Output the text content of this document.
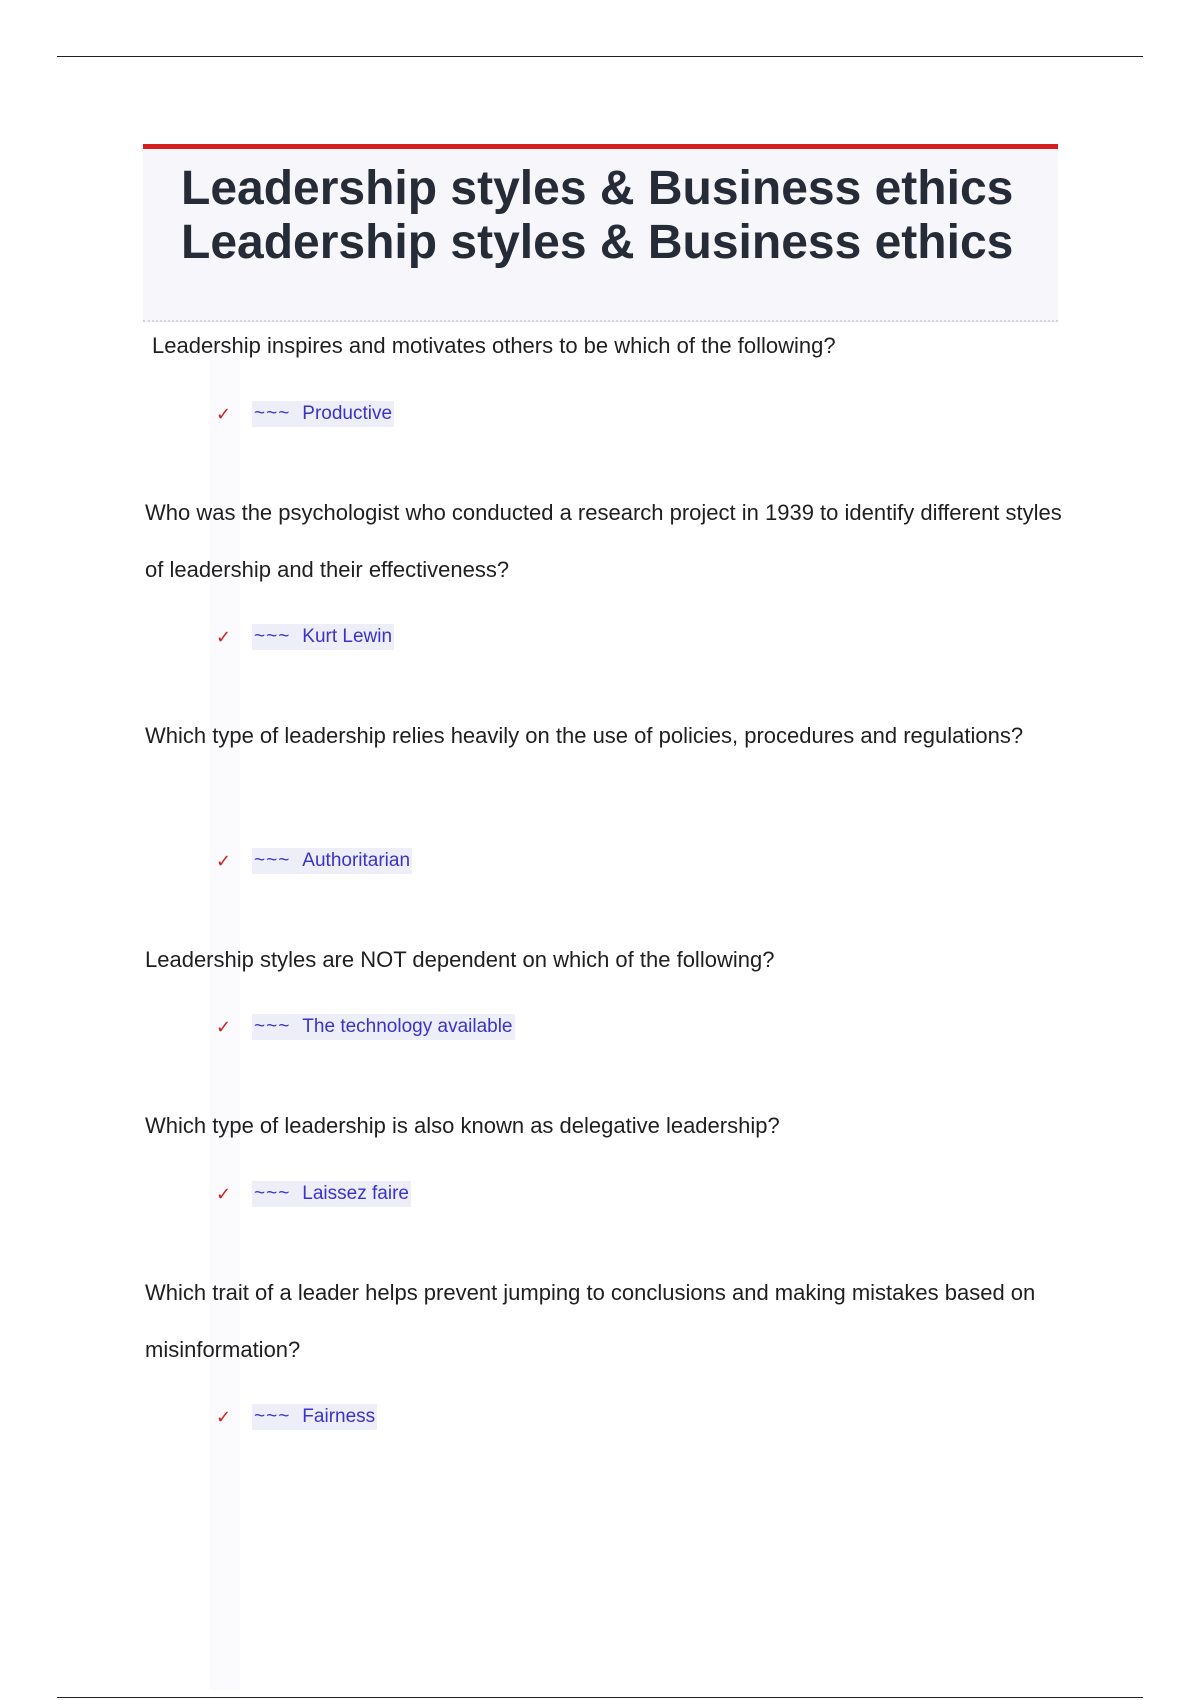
Leadership styles & Business ethics
Leadership styles & Business ethics
Leadership inspires and motivates others to be which of the following?
✓	~~~ Productive
Who was the psychologist who conducted a research project in 1939 to identify different styles of leadership and their effectiveness?
✓	~~~ Kurt Lewin
Which type of leadership relies heavily on the use of policies, procedures and regulations?
✓	~~~ Authoritarian
Leadership styles are NOT dependent on which of the following?
✓	~~~ The technology available
Which type of leadership is also known as delegative leadership?
✓	~~~ Laissez faire
Which trait of a leader helps prevent jumping to conclusions and making mistakes based on misinformation?
✓	~~~ Fairness
